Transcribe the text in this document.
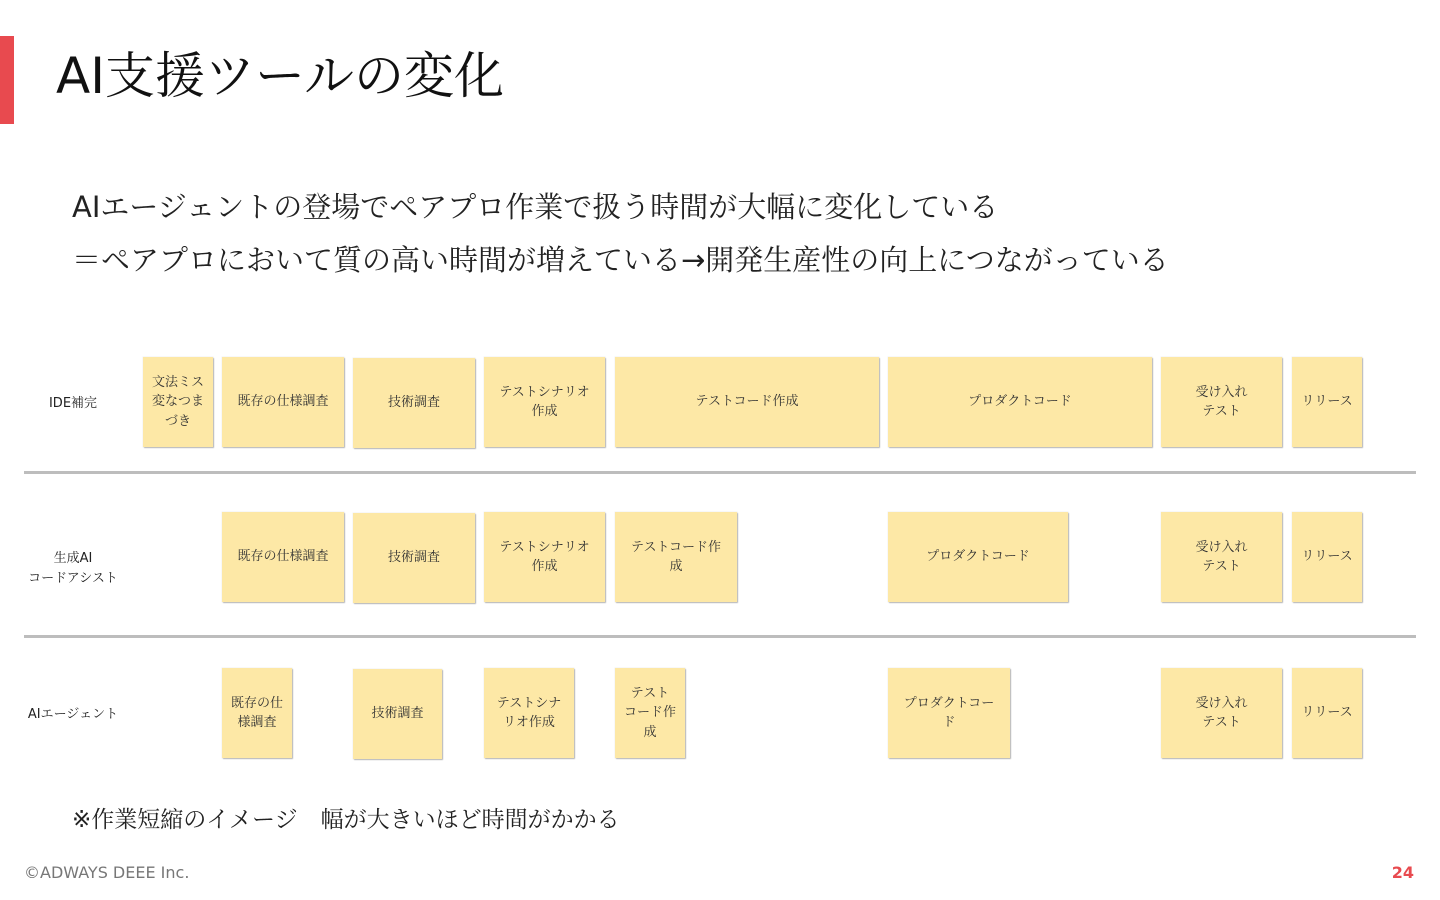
AI支援ツールの変化
AIエージェントの登場でペアプロ作業で扱う時間が大幅に変化している
＝ペアプロにおいて質の高い時間が増えている→開発生産性の向上につながっている
IDE補完
文法ミス
変なつま
づき
既存の仕様調査	技術調査
テストシナリオ
作成
テストコード作成	プロダクトコード
受け入れ
テスト
リリース
生成AI
コードアシスト
既存の仕様調査	技術調査
テストシナリオ
作成
テストコード作
成
プロダクトコード
受け入れ
テスト
リリース
AIエージェント
既存の仕
様調査
技術調査
テストシナ
リオ作成
テスト
コード作
成
プロダクトコー
ド
受け入れ
テスト
リリース
※作業短縮のイメージ　幅が大きいほど時間がかかる
©ADWAYS DEEE Inc.	24
